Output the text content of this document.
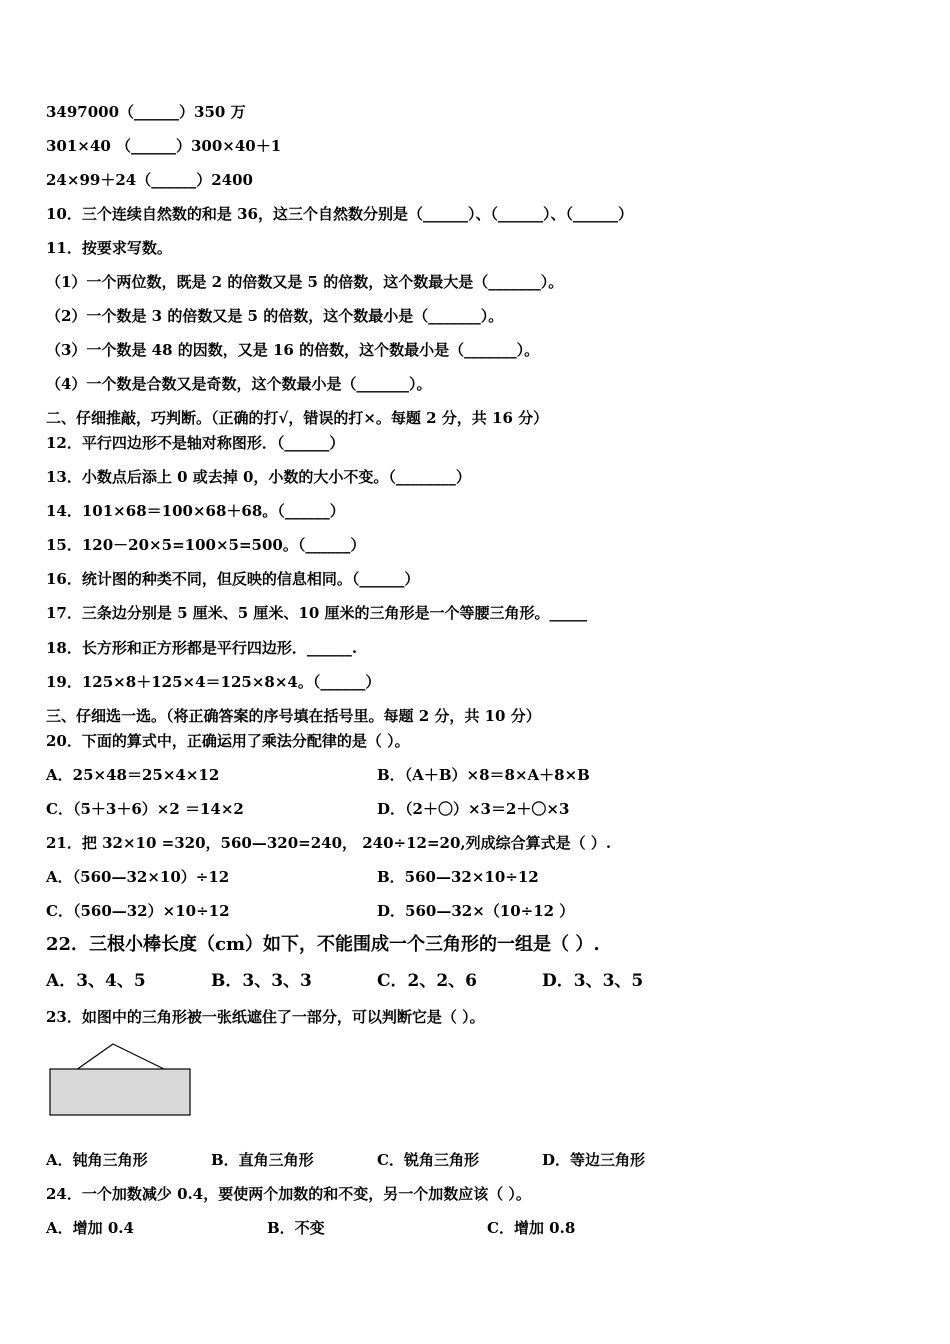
3497000（______）350 万
301×40 （______）300×40＋1
24×99＋24（______）2400
10．三个连续自然数的和是 36，这三个自然数分别是（______）、（______）、（______）
11．按要求写数。
（1）一个两位数，既是 2 的倍数又是 5 的倍数，这个数最大是（_______）。
（2）一个数是 3 的倍数又是 5 的倍数，这个数最小是（_______）。
（3）一个数是 48 的因数，又是 16 的倍数，这个数最小是（_______）。
（4）一个数是合数又是奇数，这个数最小是（_______）。
二、仔细推敲，巧判断。（正确的打√，错误的打×。每题 2 分，共 16 分）
12．平行四边形不是轴对称图形．（______）
13．小数点后添上 0 或去掉 0，小数的大小不变。（________）
14．101×68＝100×68＋68。（______）
15．120－20×5=100×5=500。（______）
16．统计图的种类不同，但反映的信息相同。（______）
17．三条边分别是 5 厘米、5 厘米、10 厘米的三角形是一个等腰三角形。_____
18．长方形和正方形都是平行四边形．______.
19．125×8＋125×4＝125×8×4。（______）
三、仔细选一选。（将正确答案的序号填在括号里。每题 2 分，共 10 分）
20．下面的算式中，正确运用了乘法分配律的是（ ）。
A．25×48＝25×4×12	B．（A＋B）×8＝8×A＋8×B
C．（5＋3＋6）×2 ＝14×2	D．（2＋〇）×3＝2＋〇×3
21．把 32×10 =320，560—320=240， 240÷12=20,列成综合算式是（ ）.
A．（560—32×10）÷12	B．560—32×10÷12
C．（560—32）×10÷12	D．560—32×（10÷12 ）
22．三根小棒长度（cm）如下，不能围成一个三角形的一组是（ ）.
A．3、4、5	B．3、3、3	C．2、2、6	D．3、3、5
23．如图中的三角形被一张纸遮住了一部分，可以判断它是（ ）。
A．钝角三角形	B．直角三角形	C．锐角三角形	D．等边三角形
24．一个加数减少 0.4，要使两个加数的和不变，另一个加数应该（ ）。
A．增加 0.4	B．不变	C．增加 0.8
